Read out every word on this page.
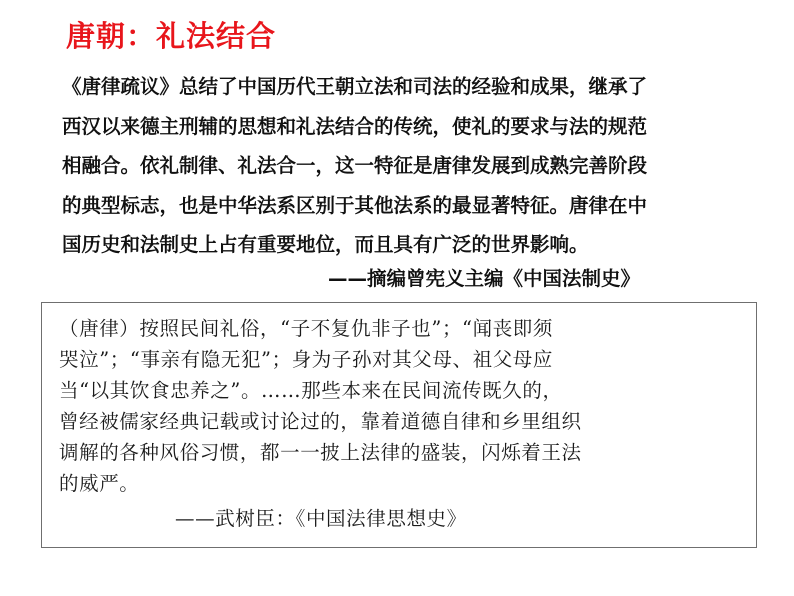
唐朝：礼法结合
《唐律疏议》总结了中国历代王朝立法和司法的经验和成果，继承了
西汉以来德主刑辅的思想和礼法结合的传统，使礼的要求与法的规范
相融合。依礼制律、礼法合一，这一特征是唐律发展到成熟完善阶段
的典型标志，也是中华法系区别于其他法系的最显著特征。唐律在中
国历史和法制史上占有重要地位，而且具有广泛的世界影响。
——摘编曾宪义主编《中国法制史》
（唐律）按照民间礼俗，“子不复仇非子也”；“闻丧即须
哭泣”；“事亲有隐无犯”；身为子孙对其父母、祖父母应
当“以其饮食忠养之”。……那些本来在民间流传既久的，
曾经被儒家经典记载或讨论过的，靠着道德自律和乡里组织
调解的各种风俗习惯，都一一披上法律的盛装，闪烁着王法
的威严。
——武树臣：《中国法律思想史》
